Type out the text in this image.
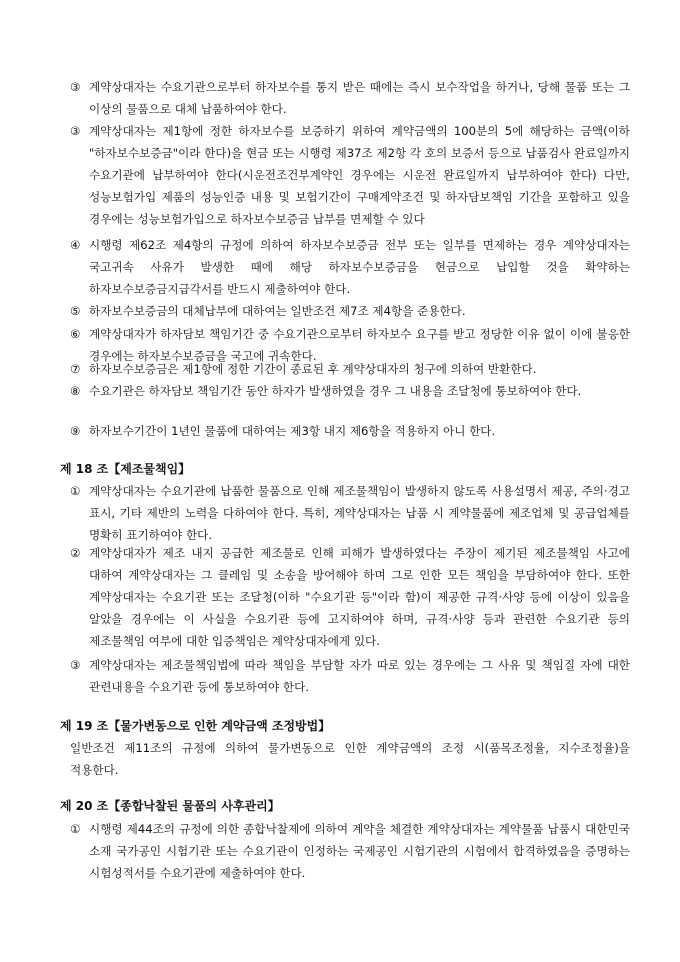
③ 계약상대자는 수요기관으로부터 하자보수를 통지 받은 때에는 즉시 보수작업을 하거나, 당해 물품 또는 그 이상의 물품으로 대체 납품하여야 한다.
③ 계약상대자는 제1항에 정한 하자보수를 보증하기 위하여 계약금액의 100분의 5에 해당하는 금액(이하 "하자보수보증금"이라 한다)을 현금 또는 시행령 제37조 제2항 각 호의 보증서 등으로 납품검사 완료일까지 수요기관에 납부하여야 한다(시운전조건부계약인 경우에는 시운전 완료일까지 납부하여야 한다) 다만, 성능보험가입 제품의 성능인증 내용 및 보험기간이 구매계약조건 및 하자담보책임 기간을 포함하고 있을 경우에는 성능보험가입으로 하자보수보증금 납부를 면제할 수 있다
④ 시행령 제62조 제4항의 규정에 의하여 하자보수보증금 전부 또는 일부를 면제하는 경우 계약상대자는 국고귀속 사유가 발생한 때에 해당 하자보수보증금을 현금으로 납입할 것을 확약하는 하자보수보증금지급각서를 반드시 제출하여야 한다.
⑤ 하자보수보증금의 대체납부에 대하여는 일반조건 제7조 제4항을 준용한다.
⑥ 계약상대자가 하자담보 책임기간 중 수요기관으로부터 하자보수 요구를 받고 정당한 이유 없이 이에 불응한 경우에는 하자보수보증금을 국고에 귀속한다.
⑦ 하자보수보증금은 제1항에 정한 기간이 종료된 후 계약상대자의 청구에 의하여 반환한다.
⑧ 수요기관은 하자담보 책임기간 동안 하자가 발생하였을 경우 그 내용을 조달청에 통보하여야 한다.
⑨ 하자보수기간이 1년인 물품에 대하여는 제3항 내지 제6항을 적용하지 아니 한다.
제 18 조【제조물책임】
① 계약상대자는 수요기관에 납품한 물품으로 인해 제조물책임이 발생하지 않도록 사용설명서 제공, 주의·경고 표시, 기타 제반의 노력을 다하여야 한다. 특히, 계약상대자는 납품 시 계약물품에 제조업체 및 공급업체를 명확히 표기하여야 한다.
② 계약상대자가 제조 내지 공급한 제조물로 인해 피해가 발생하였다는 주장이 제기된 제조물책임 사고에 대하여 계약상대자는 그 클레임 및 소송을 방어해야 하며 그로 인한 모든 책임을 부담하여야 한다. 또한 계약상대자는 수요기관 또는 조달청(이하 "수요기관 등"이라 함)이 제공한 규격·사양 등에 이상이 있음을 알았을 경우에는 이 사실을 수요기관 등에 고지하여야 하며, 규격·사양 등과 관련한 수요기관 등의 제조물책임 여부에 대한 입증책임은 계약상대자에게 있다.
③ 계약상대자는 제조물책임법에 따라 책임을 부담할 자가 따로 있는 경우에는 그 사유 및 책임질 자에 대한 관련내용을 수요기관 등에 통보하여야 한다.
제 19 조【물가변동으로 인한 계약금액 조정방법】
일반조건 제11조의 규정에 의하여 물가변동으로 인한 계약금액의 조정 시(품목조정율, 지수조정율)을 적용한다.
제 20 조【종합낙찰된 물품의 사후관리】
① 시행령 제44조의 규정에 의한 종합낙찰제에 의하여 계약을 체결한 계약상대자는 계약물품 납품시 대한민국 소재 국가공인 시험기관 또는 수요기관이 인정하는 국제공인 시험기관의 시험에서 합격하였음을 증명하는 시험성적서를 수요기관에 제출하여야 한다.
